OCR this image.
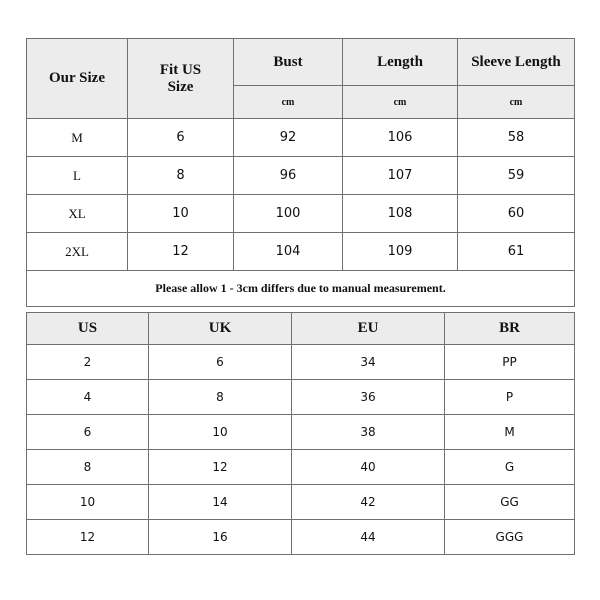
Our Size	Fit US Size	Bust	Length	Sleeve Length
		cm	cm	cm
M	6	92	106	58
L	8	96	107	59
XL	10	100	108	60
2XL	12	104	109	61
Please allow 1 - 3cm differs due to manual measurement.				
US	UK	EU	BR
2	6	34	PP
4	8	36	P
6	10	38	M
8	12	40	G
10	14	42	GG
12	16	44	GGG
